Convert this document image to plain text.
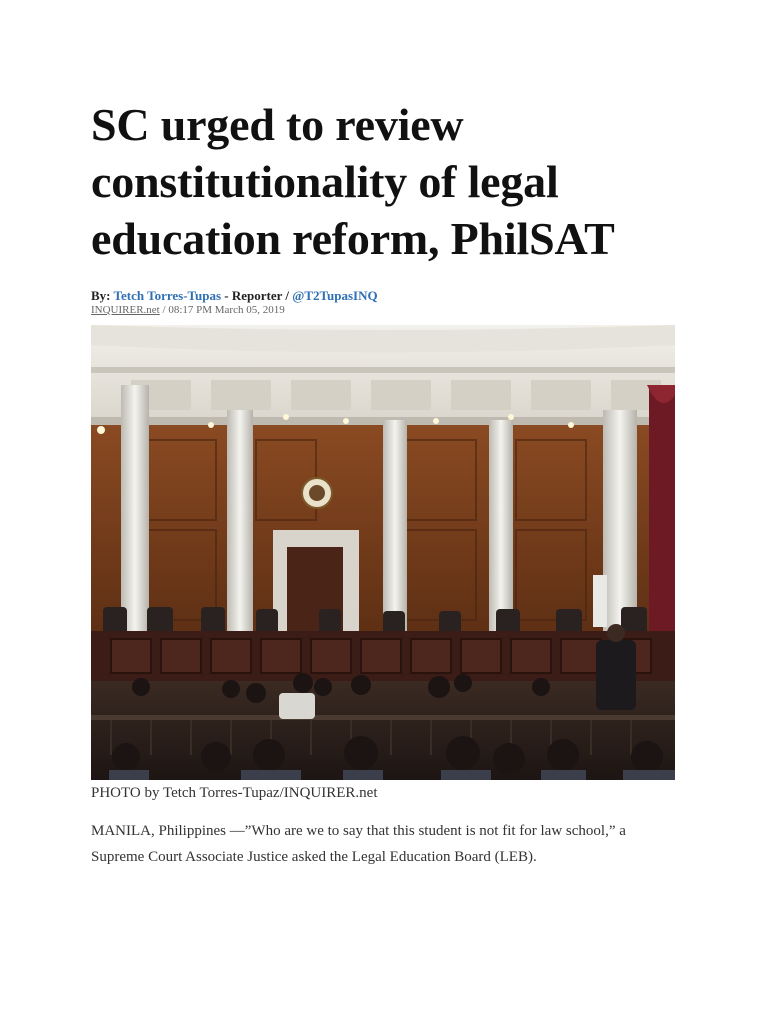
SC urged to review constitutionality of legal education reform, PhilSAT
By: Tetch Torres-Tupas - Reporter / @T2TupasINQ
INQUIRER.net / 08:17 PM March 05, 2019
PHOTO by Tetch Torres-Tupaz/INQUIRER.net

MANILA, Philippines —”Who are we to say that this student is not fit for law school,” a Supreme Court Associate Justice asked the Legal Education Board (LEB).
